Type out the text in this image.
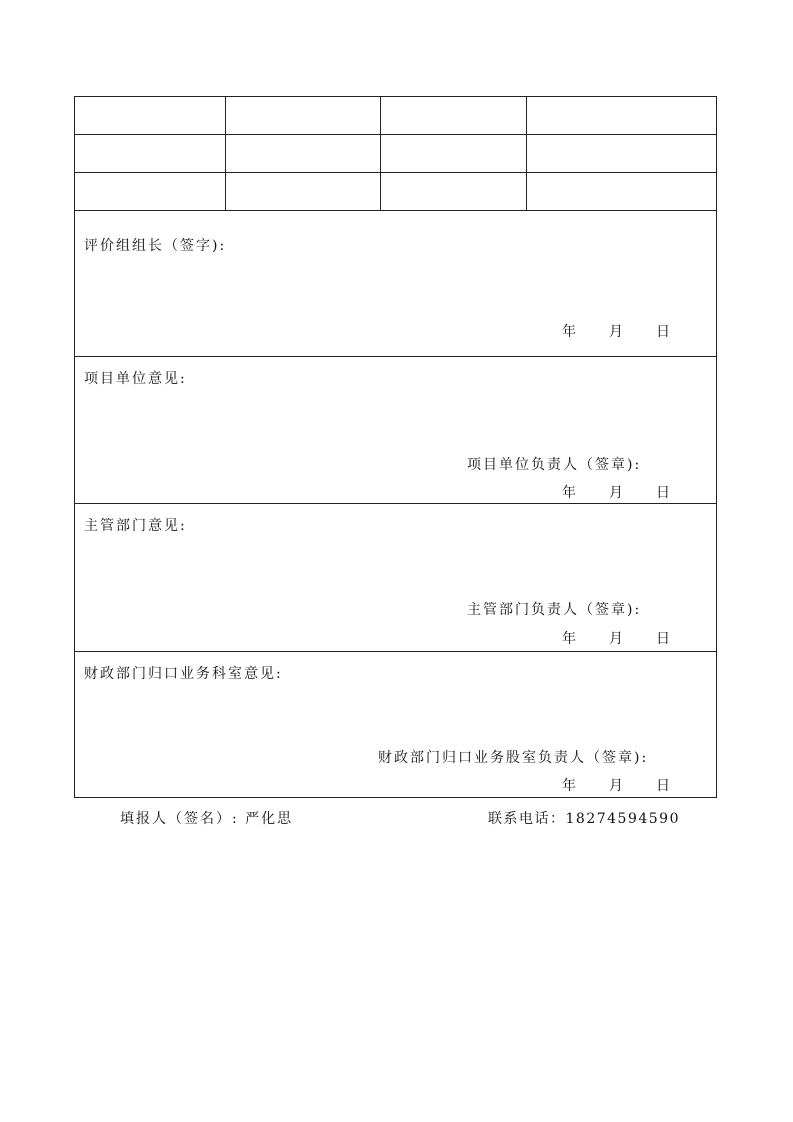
评价组组长（签字):
年 月 日
项目单位意见:
项目单位负责人（签章):
年 月 日
主管部门意见:
主管部门负责人（签章):
年 月 日
财政部门归口业务科室意见:
财政部门归口业务股室负责人（签章):
年 月 日
填报人（签名）: 严化思	联系电话：18274594590
